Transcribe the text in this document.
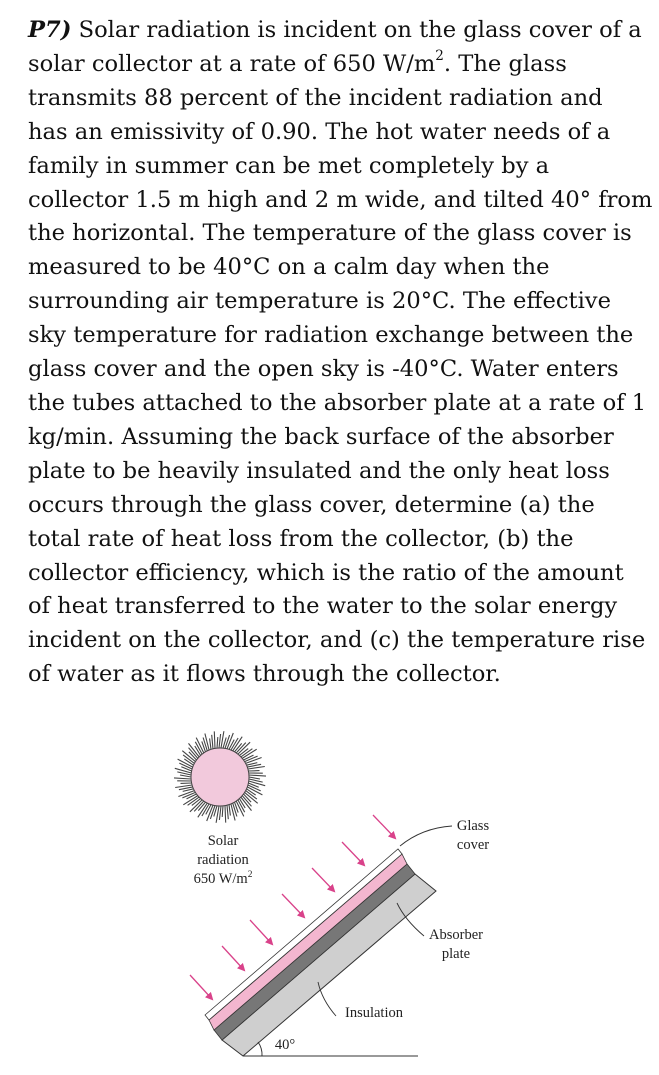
P7) Solar radiation is incident on the glass cover of a
solar collector at a rate of 650 $W/m^2$. The glass
transmits 88 percent of the incident radiation and
has an emissivity of 0.90. The hot water needs of a
family in summer can be met completely by a
collector 1.5 m high and 2 m wide, and tilted 40° from
the horizontal. The temperature of the glass cover is
measured to be 40°C on a calm day when the
surrounding air temperature is 20°C. The effective
sky temperature for radiation exchange between the
glass cover and the open sky is -40°C. Water enters
the tubes attached to the absorber plate at a rate of 1
kg/min. Assuming the back surface of the absorber
plate to be heavily insulated and the only heat loss
occurs through the glass cover, determine (a) the
total rate of heat loss from the collector, (b) the
collector efficiency, which is the ratio of the amount
of heat transferred to the water to the solar energy
incident on the collector, and (c) the temperature rise
of water as it flows through the collector.
Solar
radiation
650 $W/m^2$
Glass
cover
Absorber
plate
Insulation
40°
